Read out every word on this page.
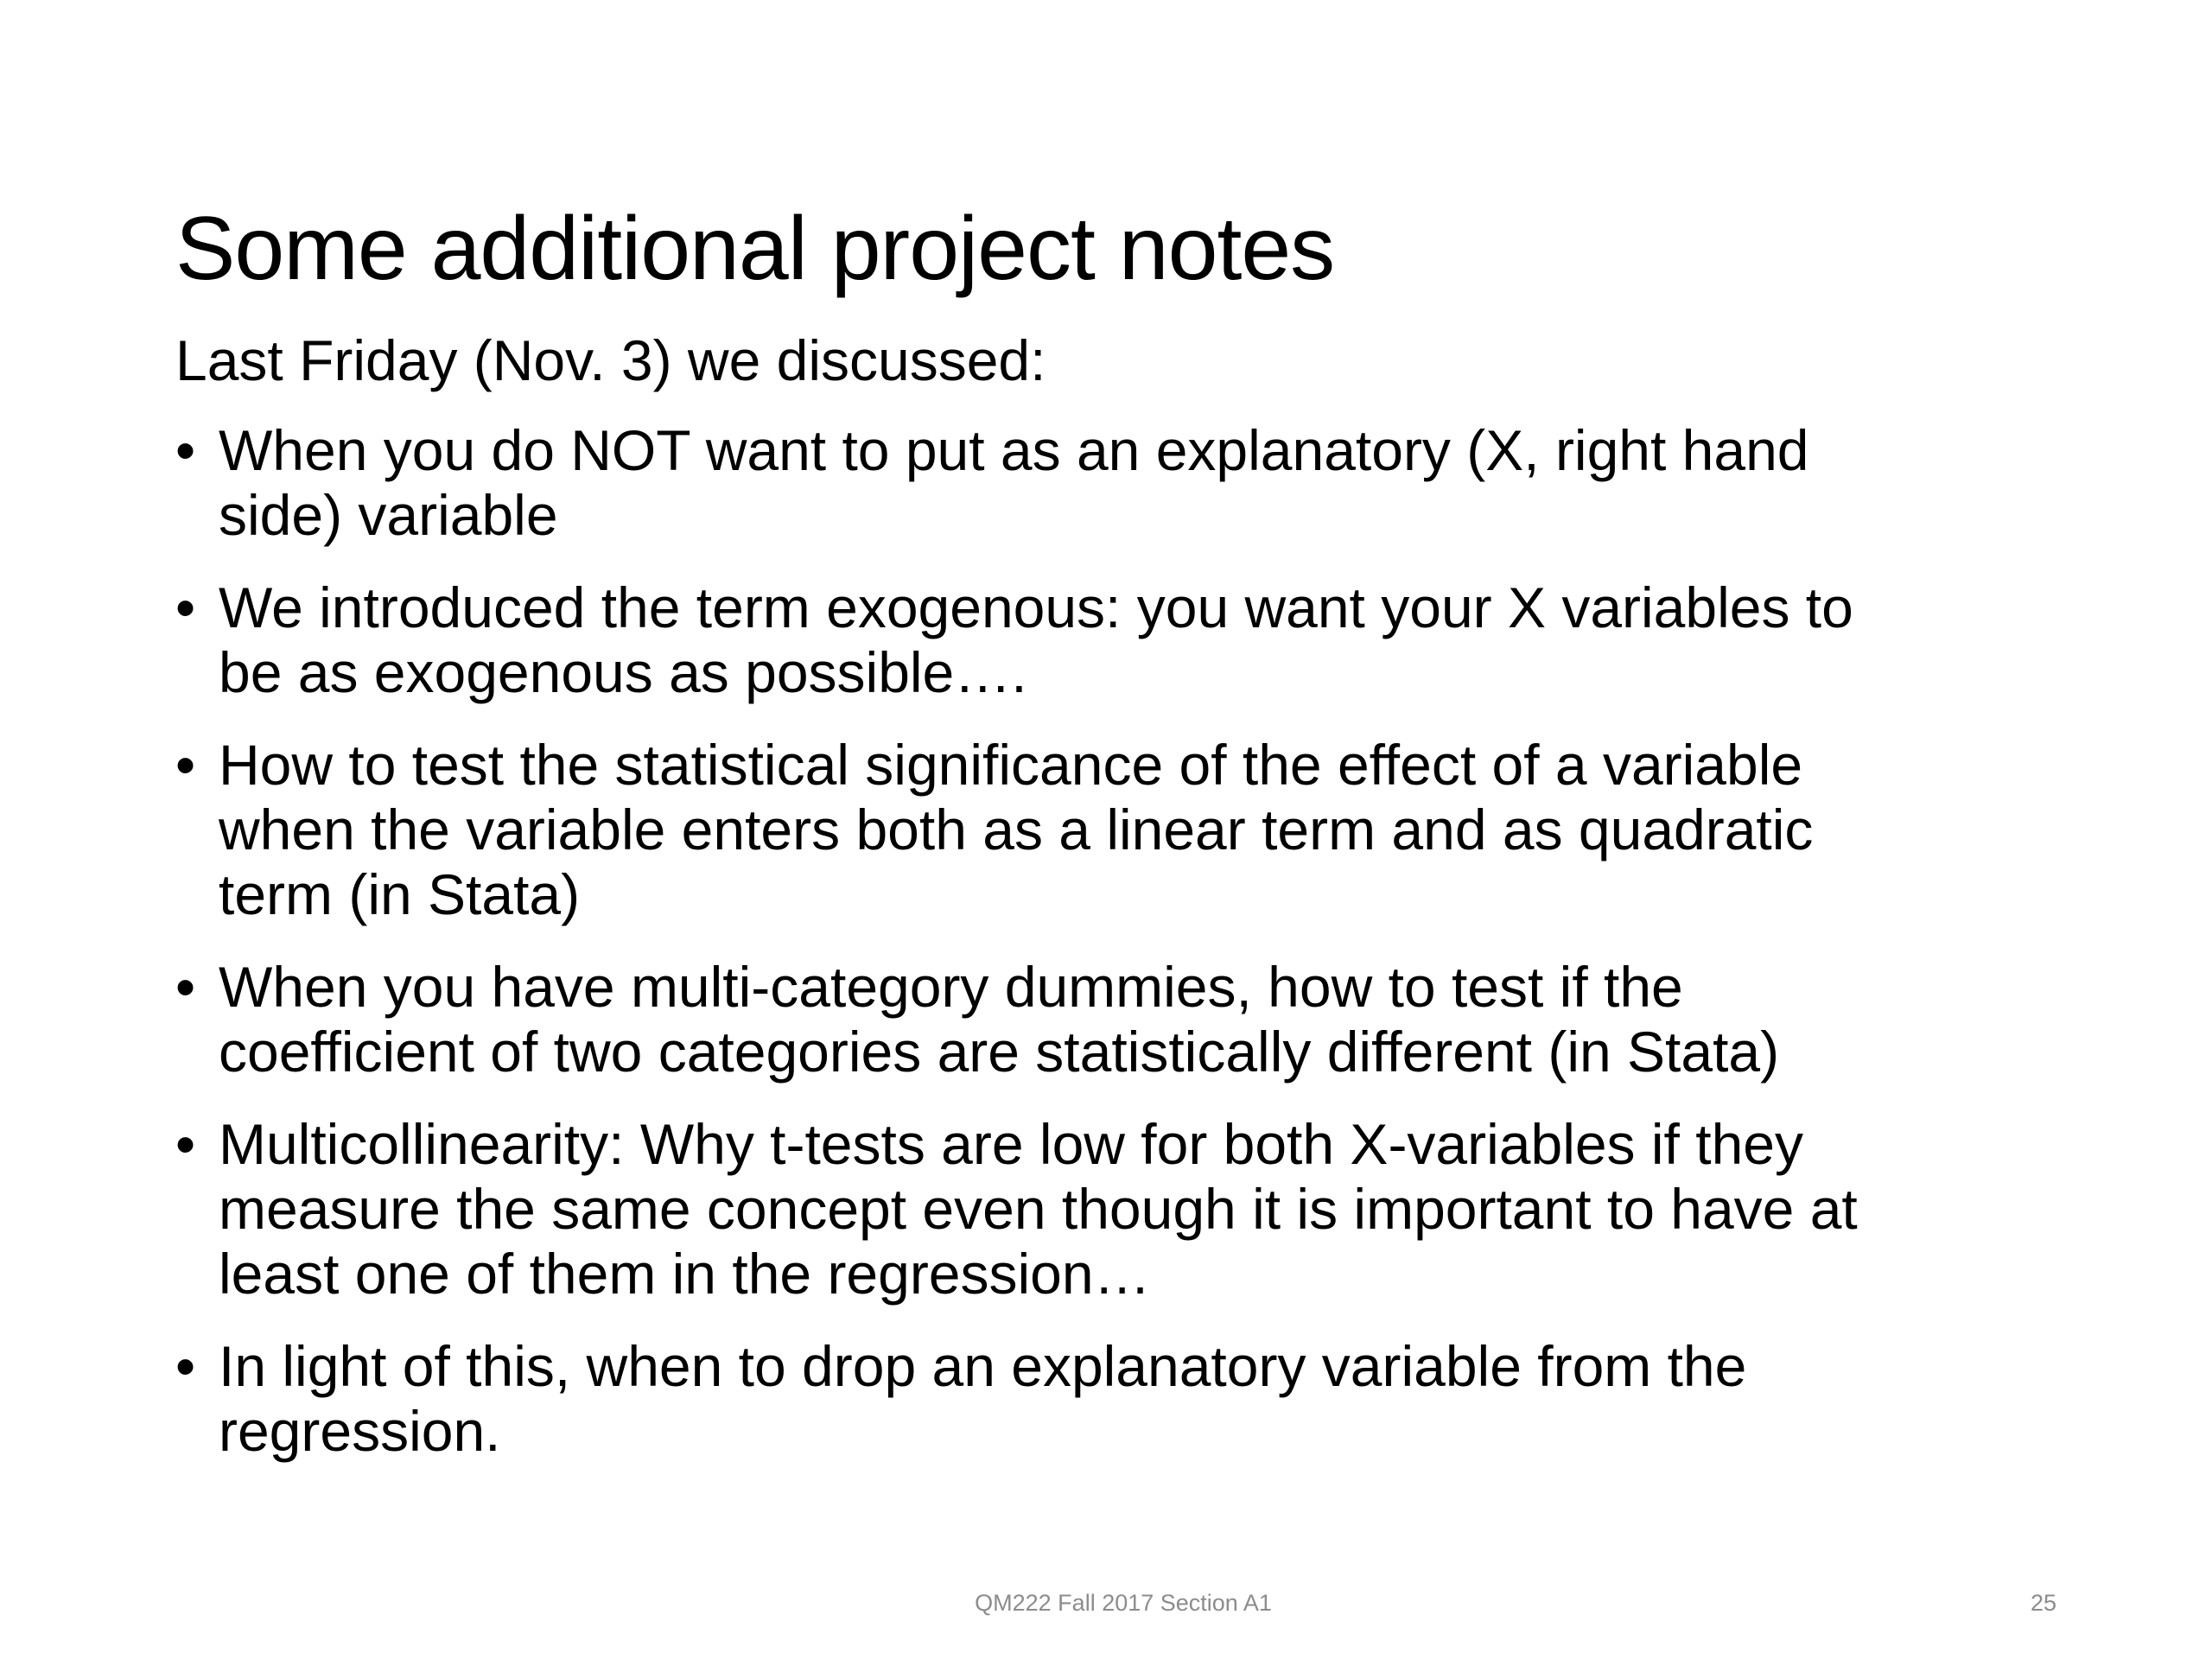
Some additional project notes

Last Friday (Nov. 3) we discussed:

• When you do NOT want to put as an explanatory (X, right hand
side) variable
• We introduced the term exogenous: you want your X variables to
be as exogenous as possible….
• How to test the statistical significance of the effect of a variable
when the variable enters both as a linear term and as quadratic
term (in Stata)
• When you have multi-category dummies, how to test if the
coefficient of two categories are statistically different (in Stata)
• Multicollinearity: Why t-tests are low for both X-variables if they
measure the same concept even though it is important to have at
least one of them in the regression…
• In light of this, when to drop an explanatory variable from the
regression.
QM222 Fall 2017 Section A1	25
